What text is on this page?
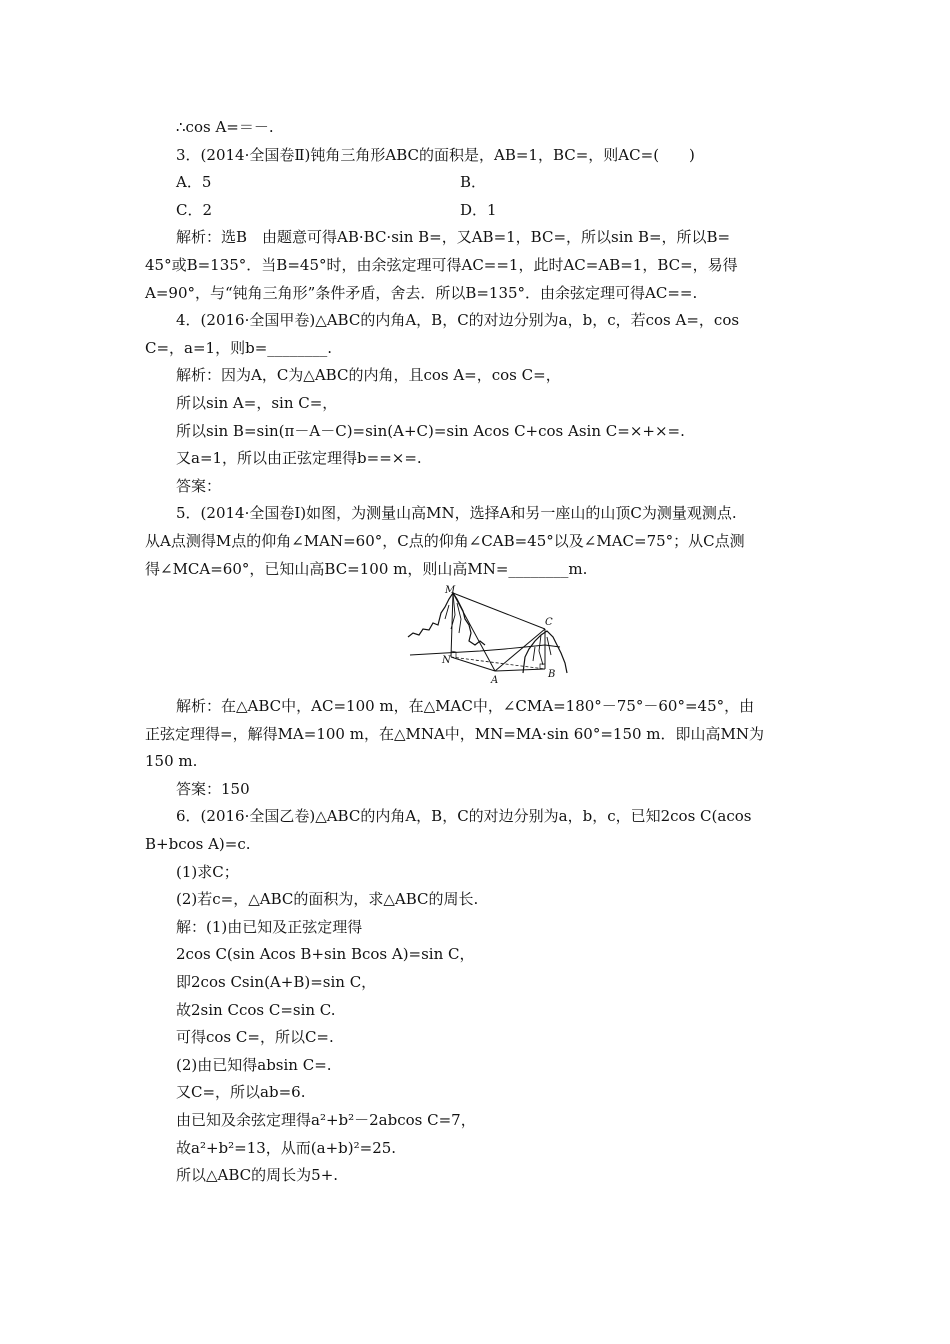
∴cos A=＝－.
3．(2014·全国卷Ⅱ)钝角三角形ABC的面积是，AB=1，BC=，则AC=(　　)
A．5	B．
C．2	D．1
解析：选B　由题意可得AB·BC·sin B=，又AB=1，BC=，所以sin B=，所以B=
45°或B=135°．当B=45°时，由余弦定理可得AC==1，此时AC=AB=1，BC=，易得
A=90°，与“钝角三角形”条件矛盾，舍去．所以B=135°．由余弦定理可得AC==.
4．(2016·全国甲卷)△ABC的内角A，B，C的对边分别为a，b，c，若cos A=，cos
C=，a=1，则b=________.
解析：因为A，C为△ABC的内角，且cos A=，cos C=，
所以sin A=，sin C=，
所以sin B=sin(π－A－C)=sin(A+C)=sin Acos C+cos Asin C=×+×=.
又a=1，所以由正弦定理得b==×=.
答案：
5．(2014·全国卷Ⅰ)如图，为测量山高MN，选择A和另一座山的山顶C为测量观测点.
从A点测得M点的仰角∠MAN=60°，C点的仰角∠CAB=45°以及∠MAC=75°；从C点测
得∠MCA=60°，已知山高BC=100 m，则山高MN=________m.
M
N
A
B
C
解析：在△ABC中，AC=100 m，在△MAC中，∠CMA=180°－75°－60°=45°，由
正弦定理得=，解得MA=100 m，在△MNA中，MN=MA·sin 60°=150 m．即山高MN为
150 m.
答案：150
6．(2016·全国乙卷)△ABC的内角A，B，C的对边分别为a，b，c，已知2cos C(acos
B+bcos A)=c.
(1)求C；
(2)若c=，△ABC的面积为，求△ABC的周长.
解：(1)由已知及正弦定理得
2cos C(sin Acos B+sin Bcos A)=sin C，
即2cos Csin(A+B)=sin C，
故2sin Ccos C=sin C.
可得cos C=，所以C=.
(2)由已知得absin C=.
又C=，所以ab=6.
由已知及余弦定理得a²+b²－2abcos C=7，
故a²+b²=13，从而(a+b)²=25.
所以△ABC的周长为5+.
